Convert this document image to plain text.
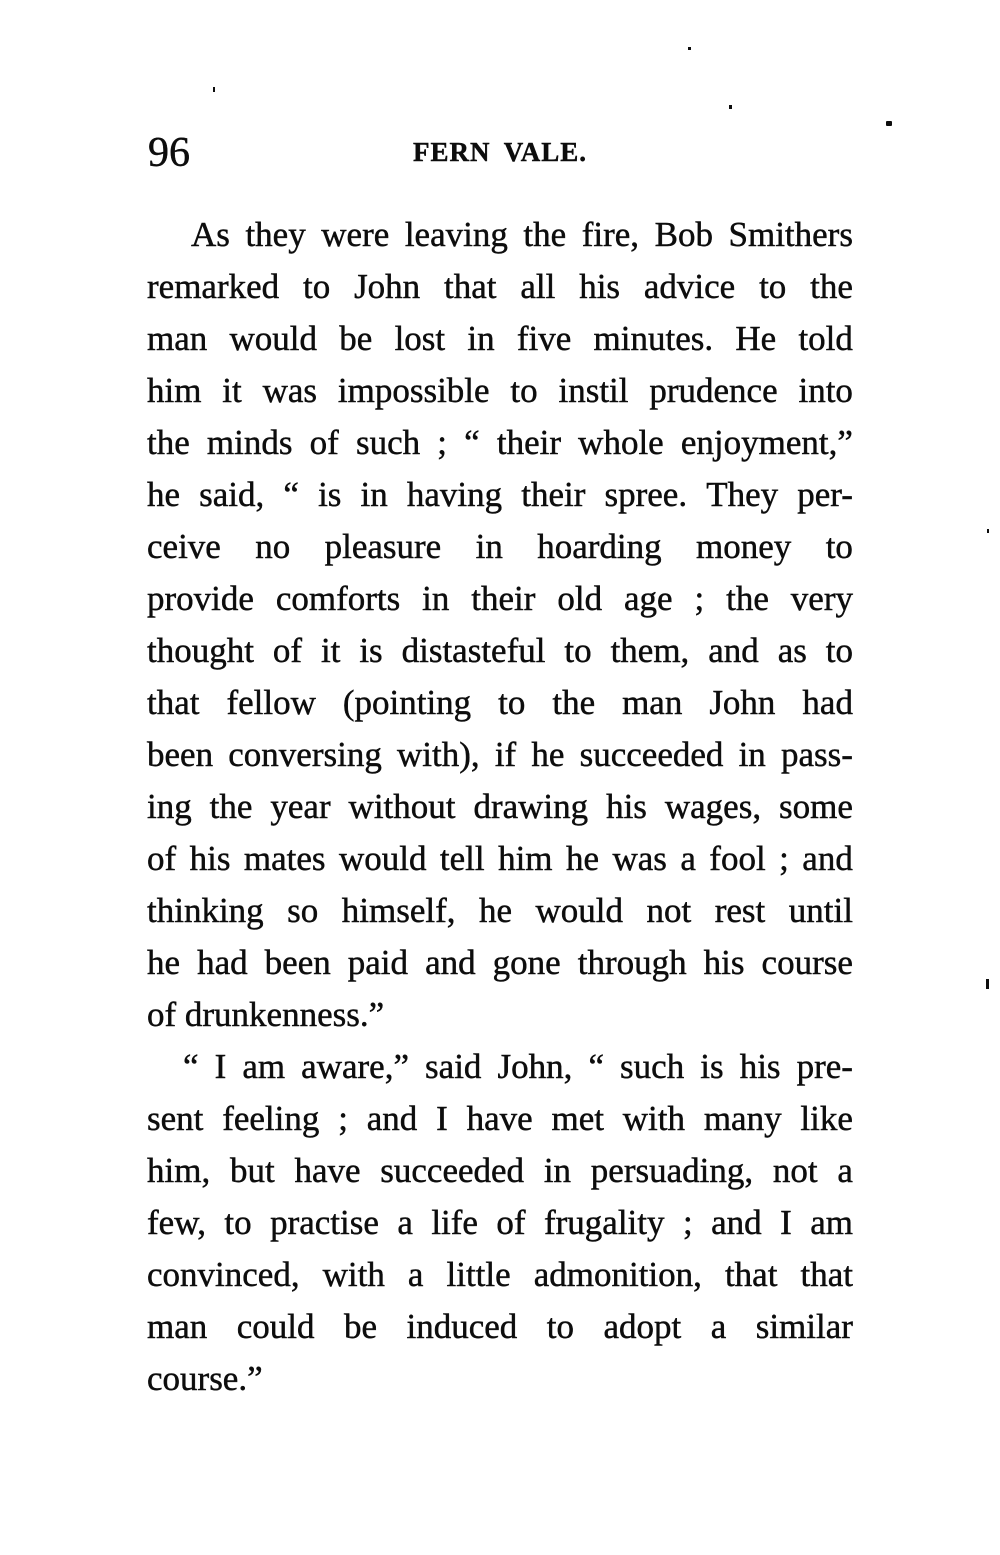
96	FERN VALE.
As they were leaving the fire, Bob Smithers
remarked to John that all his advice to the
man would be lost in five minutes. He told
him it was impossible to instil prudence into
the minds of such ; “ their whole enjoyment,”
he said, “ is in having their spree. They per-
ceive no pleasure in hoarding money to
provide comforts in their old age ; the very
thought of it is distasteful to them, and as to
that fellow (pointing to the man John had
been conversing with), if he succeeded in pass-
ing the year without drawing his wages, some
of his mates would tell him he was a fool ; and
thinking so himself, he would not rest until
he had been paid and gone through his course
of drunkenness.”
“ I am aware,” said John, “ such is his pre-
sent feeling ; and I have met with many like
him, but have succeeded in persuading, not a
few, to practise a life of frugality ; and I am
convinced, with a little admonition, that that
man could be induced to adopt a similar
course.”
